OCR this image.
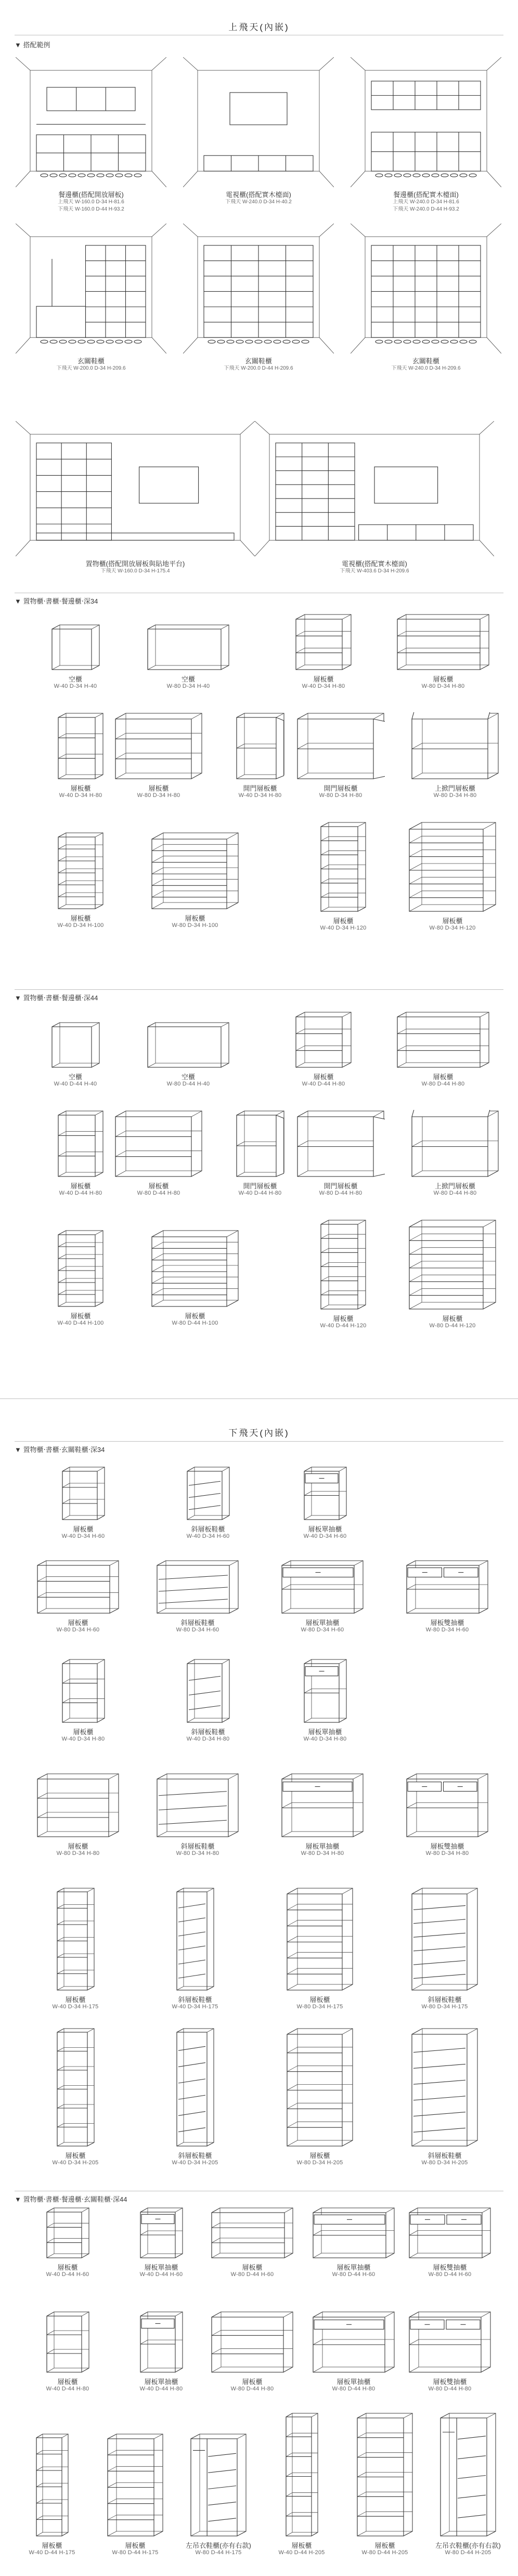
上飛天(內嵌)
▼ 搭配範例
餐邊櫃(搭配開放層板)
上飛天 W-160.0 D-34 H-81.6
下飛天 W-160.0 D-44 H-93.2
電視櫃(搭配實木檯面)
下飛天 W-240.0 D-34 H-40.2
餐邊櫃(搭配實木檯面)
上飛天 W-240.0 D-34 H-81.6
下飛天 W-240.0 D-44 H-93.2
玄關鞋櫃
下飛天 W-200.0 D-34 H-209.6
玄關鞋櫃
下飛天 W-200.0 D-44 H-209.6
玄關鞋櫃
下飛天 W-240.0 D-34 H-209.6
置物櫃(搭配開放層板與貼地平台)
下飛天 W-160.0 D-34 H-175.4
電視櫃(搭配實木檯面)
下飛天 W-403.6 D-34 H-209.6
▼ 置物櫃‧書櫃‧餐邊櫃‧深34
▼ 置物櫃‧書櫃‧餐邊櫃‧深44
下飛天(內嵌)
▼ 置物櫃‧書櫃‧玄關鞋櫃‧深34
▼ 置物櫃‧書櫃‧餐邊櫃‧玄關鞋櫃‧深44
空櫃
W-40 D-34 H-40
空櫃
W-80 D-34 H-40
層板櫃
W-40 D-34 H-80
層板櫃
W-80 D-34 H-80
層板櫃
W-40 D-34 H-80
層板櫃
W-80 D-34 H-80
開門層板櫃
W-40 D-34 H-80
開門層板櫃
W-80 D-34 H-80
上掀門層板櫃
W-80 D-34 H-80
層板櫃
W-40 D-34 H-100
層板櫃
W-80 D-34 H-100
層板櫃
W-40 D-34 H-120
層板櫃
W-80 D-34 H-120
空櫃
W-40 D-44 H-40
空櫃
W-80 D-44 H-40
層板櫃
W-40 D-44 H-80
層板櫃
W-80 D-44 H-80
層板櫃
W-40 D-44 H-80
層板櫃
W-80 D-44 H-80
開門層板櫃
W-40 D-44 H-80
開門層板櫃
W-80 D-44 H-80
上掀門層板櫃
W-80 D-44 H-80
層板櫃
W-40 D-44 H-100
層板櫃
W-80 D-44 H-100
層板櫃
W-40 D-44 H-120
層板櫃
W-80 D-44 H-120
層板櫃
W-40 D-34 H-60
斜層板鞋櫃
W-40 D-34 H-60
層板單抽櫃
W-40 D-34 H-60
層板櫃
W-80 D-34 H-60
斜層板鞋櫃
W-80 D-34 H-60
層板單抽櫃
W-80 D-34 H-60
層板雙抽櫃
W-80 D-34 H-60
層板櫃
W-40 D-34 H-80
斜層板鞋櫃
W-40 D-34 H-80
層板單抽櫃
W-40 D-34 H-80
層板櫃
W-80 D-34 H-80
斜層板鞋櫃
W-80 D-34 H-80
層板單抽櫃
W-80 D-34 H-80
層板雙抽櫃
W-80 D-34 H-80
層板櫃
W-40 D-34 H-175
斜層板鞋櫃
W-40 D-34 H-175
層板櫃
W-80 D-34 H-175
斜層板鞋櫃
W-80 D-34 H-175
層板櫃
W-40 D-34 H-205
斜層板鞋櫃
W-40 D-34 H-205
層板櫃
W-80 D-34 H-205
斜層板鞋櫃
W-80 D-34 H-205
層板櫃
W-40 D-44 H-60
層板單抽櫃
W-40 D-44 H-60
層板櫃
W-80 D-44 H-60
層板單抽櫃
W-80 D-44 H-60
層板雙抽櫃
W-80 D-44 H-60
層板櫃
W-40 D-44 H-80
層板單抽櫃
W-40 D-44 H-80
層板櫃
W-80 D-44 H-80
層板單抽櫃
W-80 D-44 H-80
層板雙抽櫃
W-80 D-44 H-80
層板櫃
W-40 D-44 H-175
層板櫃
W-80 D-44 H-175
左吊衣鞋櫃(亦有右款)
W-80 D-44 H-175
層板櫃
W-40 D-44 H-205
層板櫃
W-80 D-44 H-205
左吊衣鞋櫃(亦有右款)
W-80 D-44 H-205
